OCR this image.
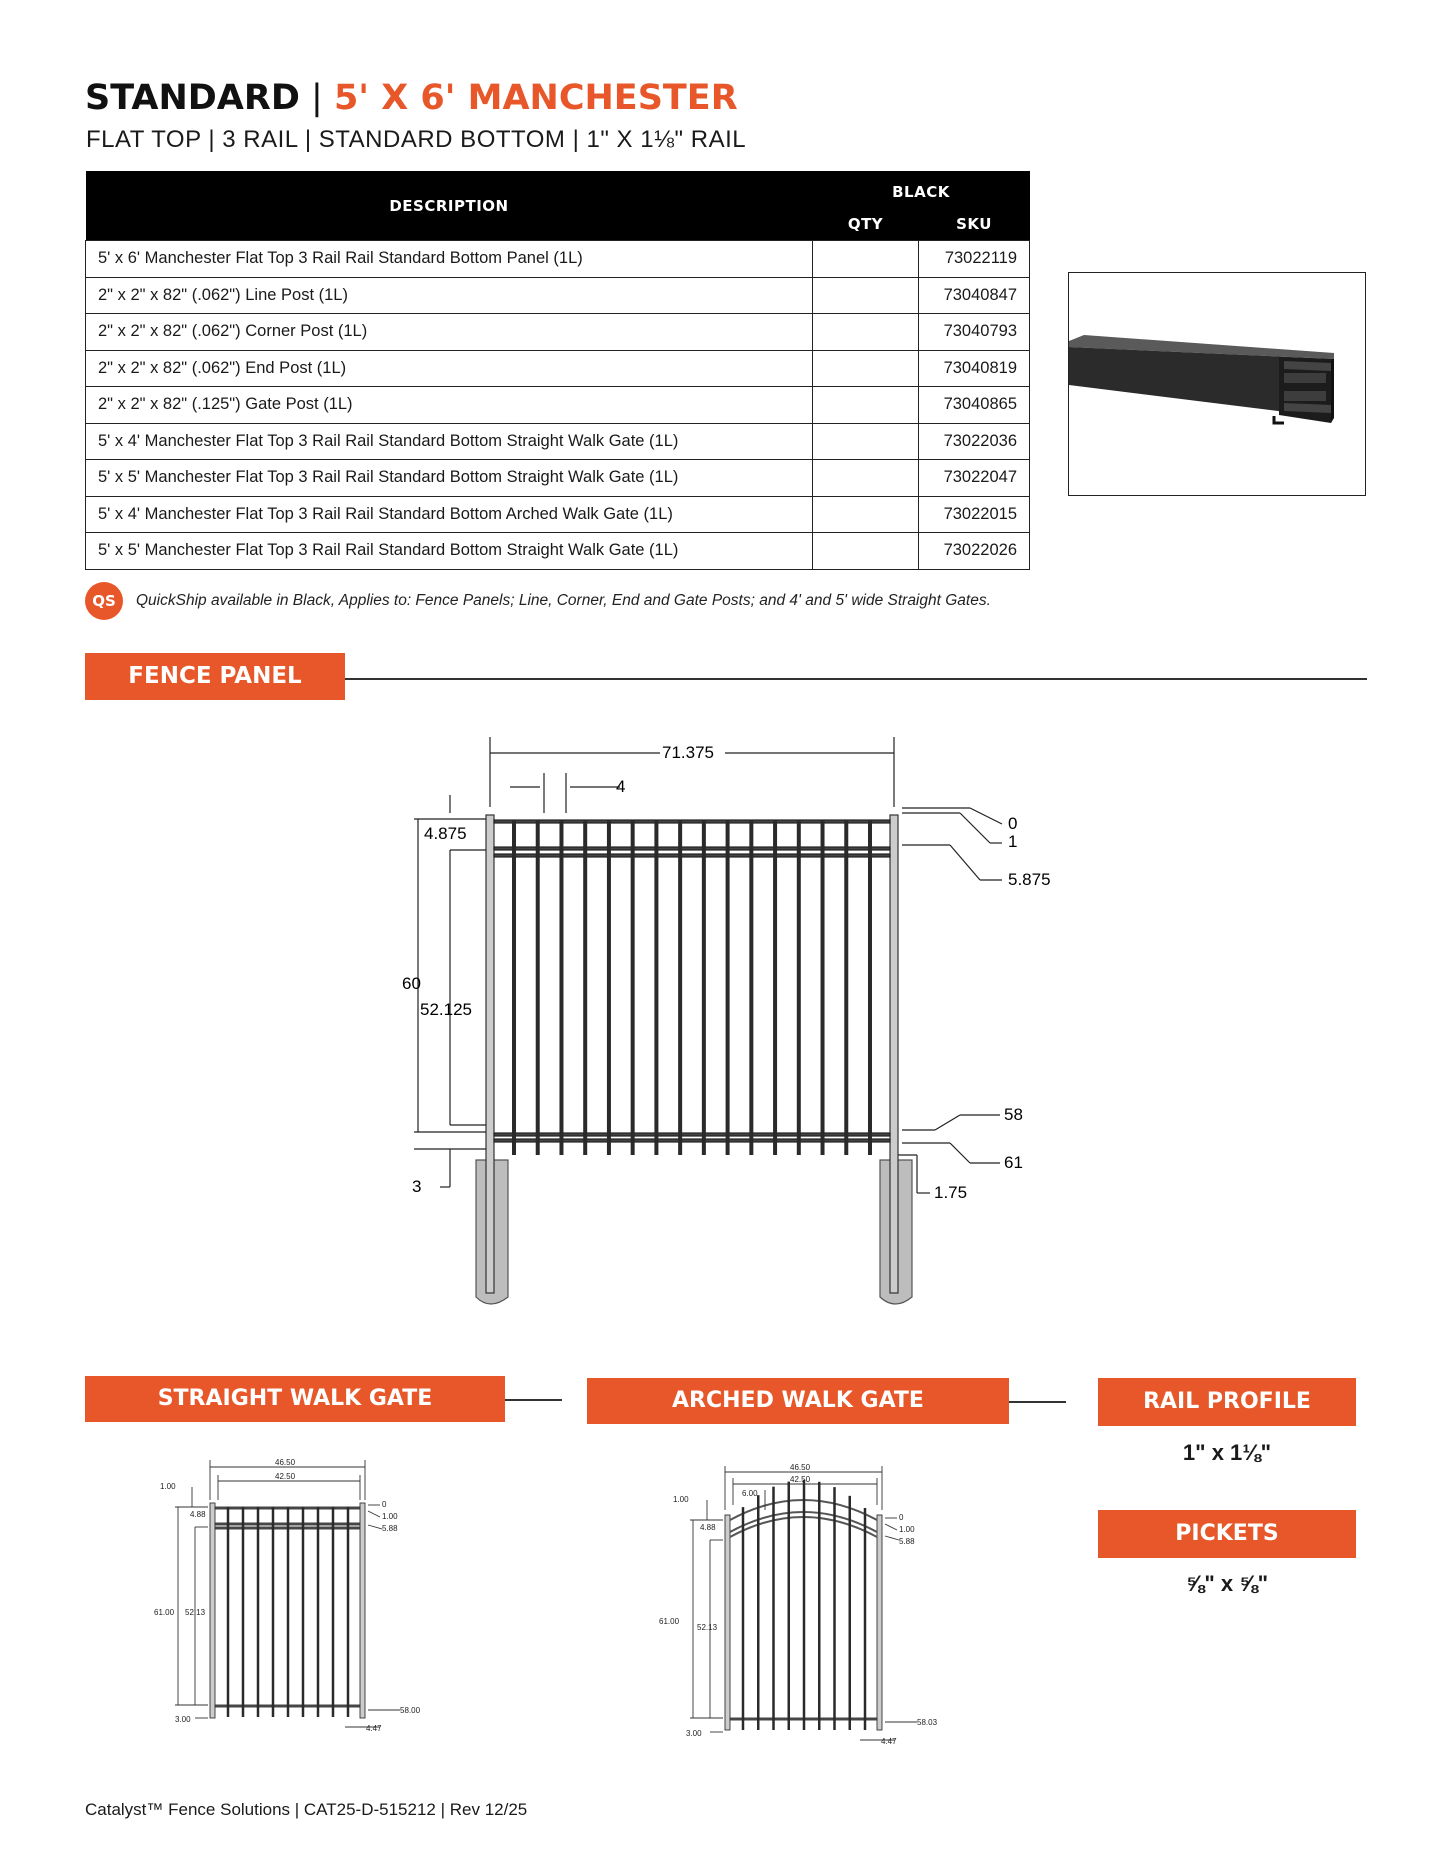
STANDARD | 5' X 6' MANCHESTER
FLAT TOP | 3 RAIL | STANDARD BOTTOM | 1" X 1⅛" RAIL
DESCRIPTION	BLACK	
	QTY	SKU
5' x 6' Manchester Flat Top 3 Rail Rail Standard Bottom Panel (1L)		73022119
2" x 2" x 82" (.062") Line Post (1L)		73040847
2" x 2" x 82" (.062") Corner Post (1L)		73040793
2" x 2" x 82" (.062") End Post (1L)		73040819
2" x 2" x 82" (.125") Gate Post (1L)		73040865
5' x 4' Manchester Flat Top 3 Rail Rail Standard Bottom Straight Walk Gate (1L)		73022036
5' x 5' Manchester Flat Top 3 Rail Rail Standard Bottom Straight Walk Gate (1L)		73022047
5' x 4' Manchester Flat Top 3 Rail Rail Standard Bottom Arched Walk Gate (1L)		73022015
5' x 5' Manchester Flat Top 3 Rail Rail Standard Bottom Straight Walk Gate (1L)		73022026
QS	QuickShip available in Black, Applies to: Fence Panels; Line, Corner, End and Gate Posts; and 4' and 5' wide Straight Gates.
FENCE PANEL
71.375
4
0
1
5.875
4.875
60
52.125
58
61
3	1.75
STRAIGHT WALK GATE	ARCHED WALK GATE	RAIL PROFILE
1" x 1⅛"
PICKETS
⅝" x ⅝"
46.50
42.50
1.00
4.88
0
1.00
5.88
61.00 52.13
58.00
3.00
4.47
46.50
42.50
6.00
1.00
4.88
0
1.00
5.88
61.00
52.13
58.03
3.00
4.47
Catalyst™ Fence Solutions | CAT25-D-515212 | Rev 12/25
